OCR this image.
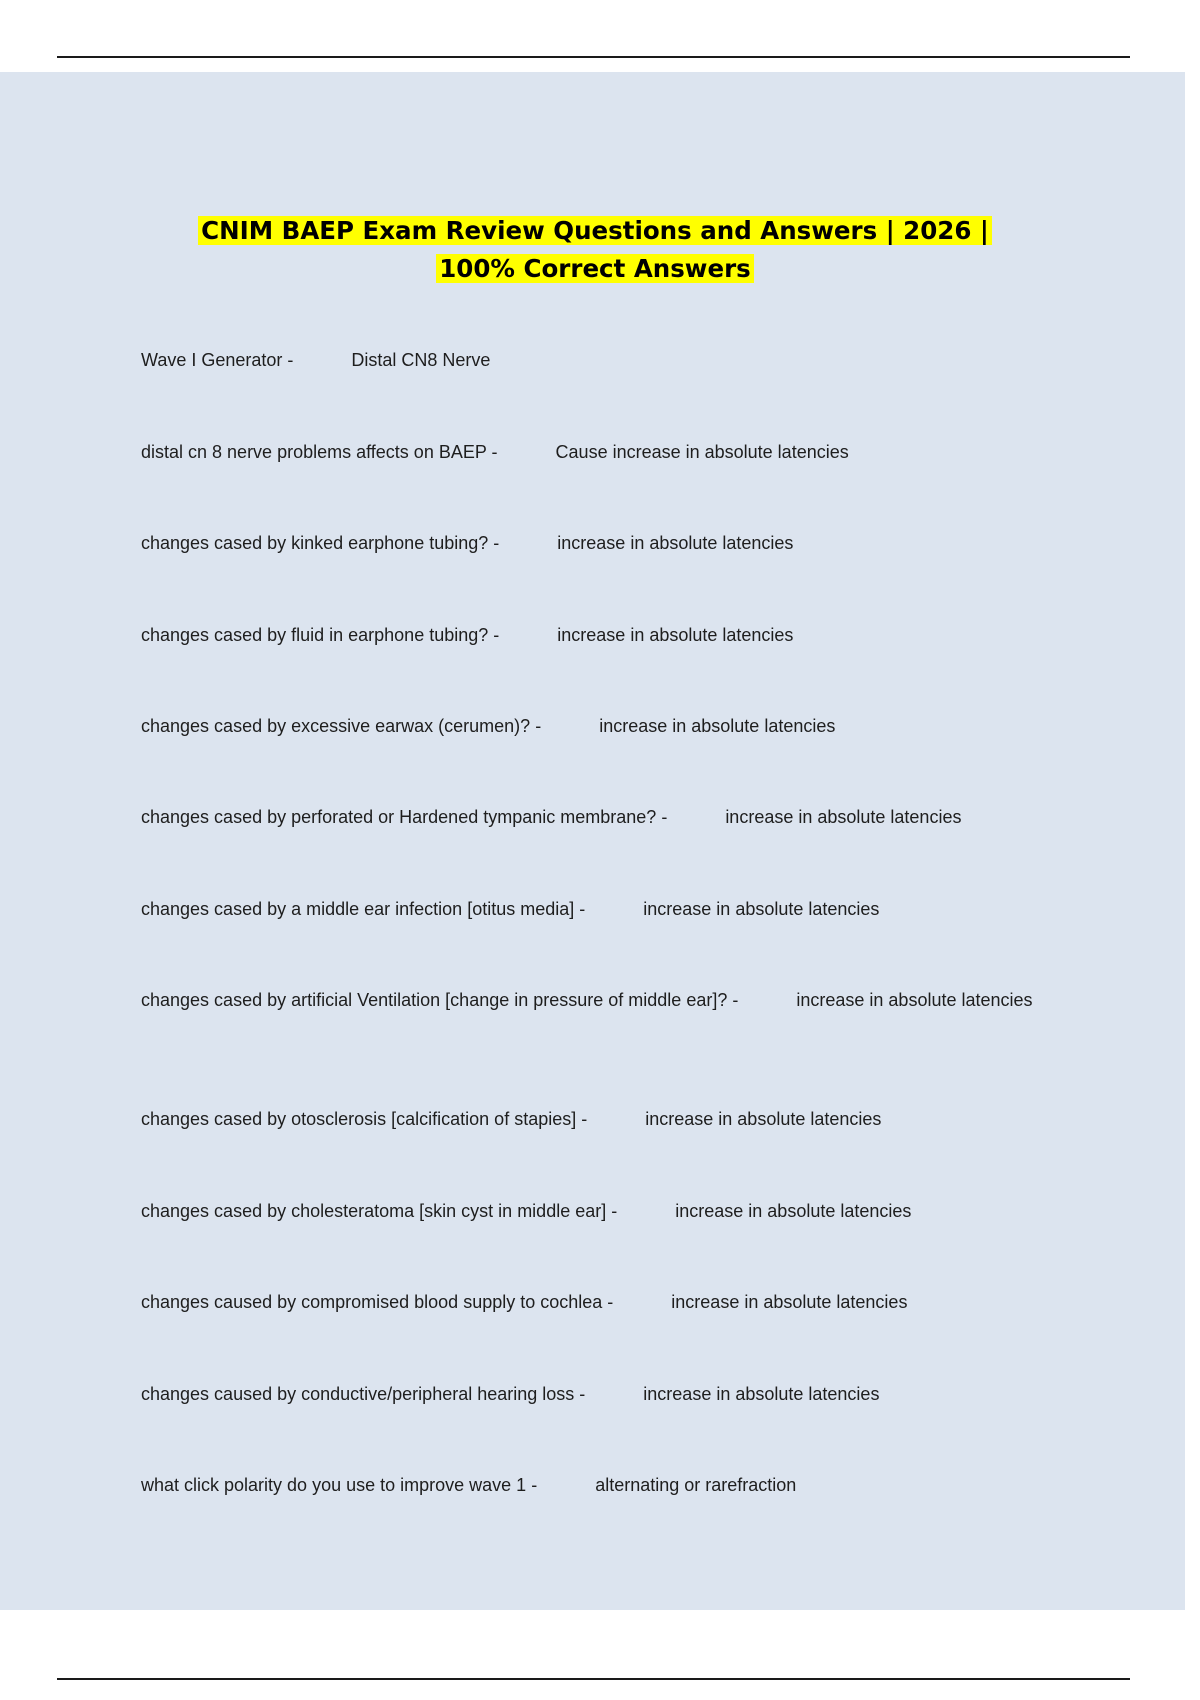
CNIM BAEP Exam Review Questions and Answers | 2026 |
100% Correct Answers

Wave I Generator -	Distal CN8 Nerve

distal cn 8 nerve problems affects on BAEP -	Cause increase in absolute latencies

changes cased by kinked earphone tubing? -	increase in absolute latencies

changes cased by fluid in earphone tubing? -	increase in absolute latencies

changes cased by excessive earwax (cerumen)? -	increase in absolute latencies

changes cased by perforated or Hardened tympanic membrane? -	increase in absolute latencies

changes cased by a middle ear infection [otitus media] -	increase in absolute latencies

changes cased by artificial Ventilation [change in pressure of middle ear]? -	increase in absolute latencies

changes cased by otosclerosis [calcification of stapies] -	increase in absolute latencies

changes cased by cholesteratoma [skin cyst in middle ear] -	increase in absolute latencies

changes caused by compromised blood supply to cochlea -	increase in absolute latencies

changes caused by conductive/peripheral hearing loss -	increase in absolute latencies

what click polarity do you use to improve wave 1 -	alternating or rarefraction
